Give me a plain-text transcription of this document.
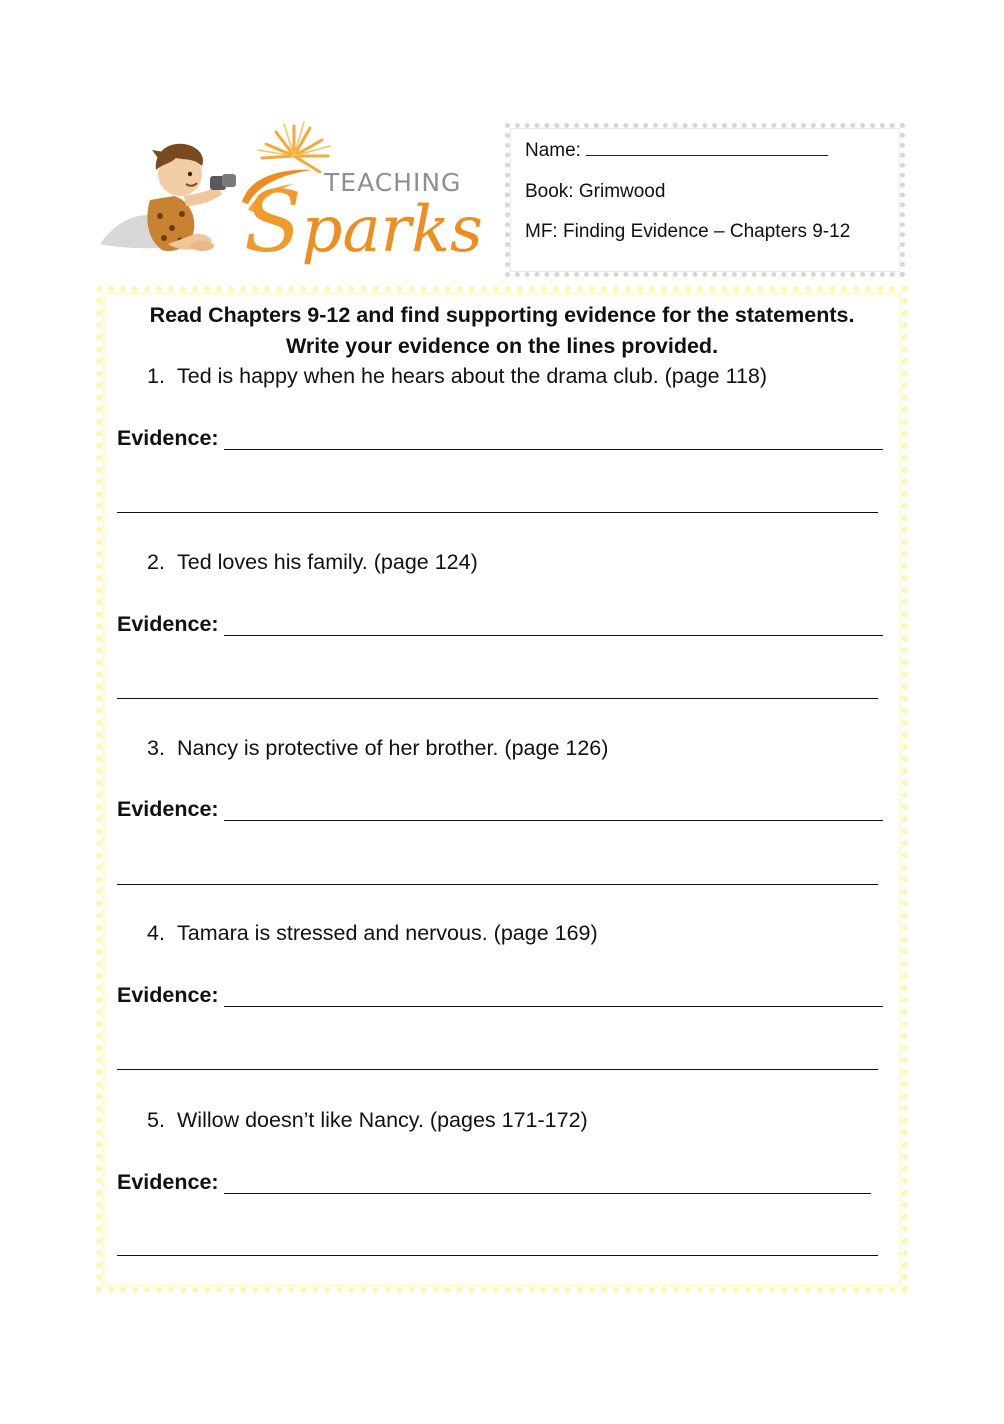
TEACHING
Sparks
Name:
Book: Grimwood
MF: Finding Evidence – Chapters 9-12
Read Chapters 9-12 and find supporting evidence for the statements.
Write your evidence on the lines provided.
1. Ted is happy when he hears about the drama club. (page 118)
Evidence:
2. Ted loves his family. (page 124)
Evidence:
3. Nancy is protective of her brother. (page 126)
Evidence:
4. Tamara is stressed and nervous. (page 169)
Evidence:
5. Willow doesn’t like Nancy. (pages 171-172)
Evidence:
